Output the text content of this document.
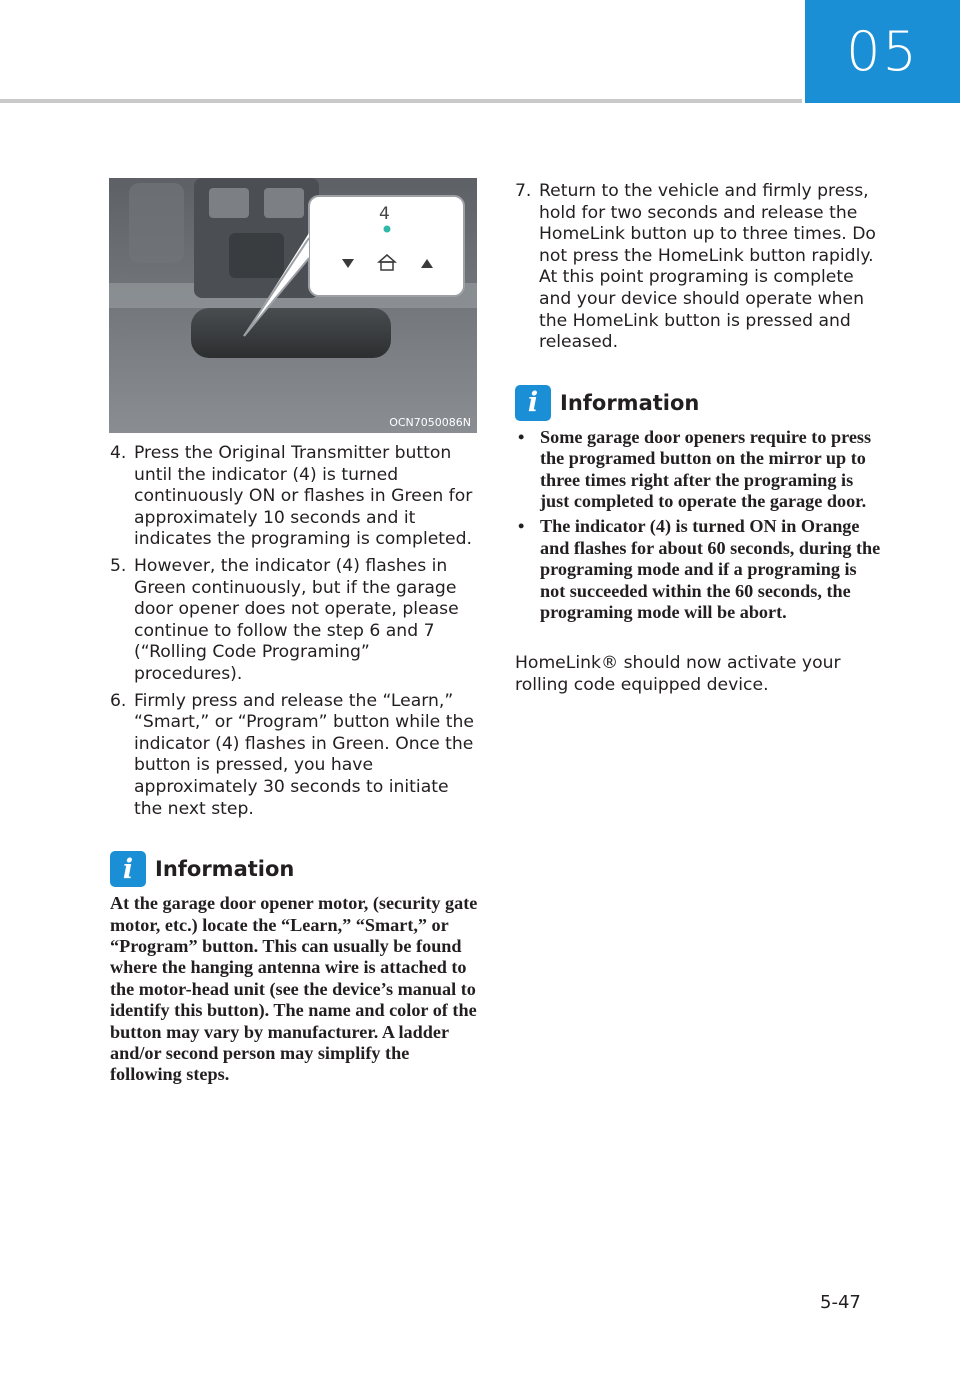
05
4
OCN7050086N
4. Press the Original Transmitter button until the indicator (4) is turned continuously ON or flashes in Green for approximately 10 seconds and it indicates the programing is completed.
5. However, the indicator (4) flashes in Green continuously, but if the garage door opener does not operate, please continue to follow the step 6 and 7 (“Rolling Code Programing” procedures).
6. Firmly press and release the “Learn,” “Smart,” or “Program” button while the indicator (4) flashes in Green. Once the button is pressed, you have approximately 30 seconds to initiate the next step.
i	Information

At the garage door opener motor, (security gate motor, etc.) locate the “Learn,” “Smart,” or “Program” button. This can usually be found where the hanging antenna wire is attached to the motor-head unit (see the device’s manual to identify this button). The name and color of the button may vary by manufacturer. A ladder and/or second person may simplify the following steps.

7. Return to the vehicle and firmly press, hold for two seconds and release the HomeLink button up to three times. Do not press the HomeLink button rapidly. At this point programing is complete and your device should operate when the HomeLink button is pressed and released.
i	Information
• Some garage door openers require to press the programed button on the mirror up to three times right after the programing is just completed to operate the garage door.
• The indicator (4) is turned ON in Orange and flashes for about 60 seconds, during the programing mode and if a programing is not succeeded within the 60 seconds, the programing mode will be abort.

HomeLink® should now activate your rolling code equipped device.

5-47
